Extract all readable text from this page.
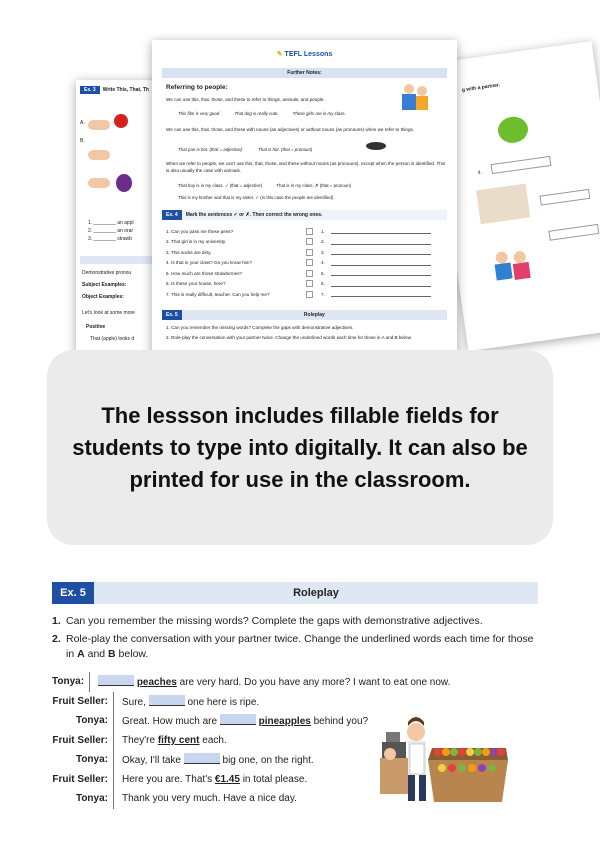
Ex. 3	Write This, That, Th
A.
B.
1. ________ an appl
2. ________ an orar
3. ________ strawb
Demonstrative pronou
Subject Examples:
Object Examples:
Let's look at some more
Positive
That (apple) looks d
g with a partner.
4.
✎ TEFL Lessons
Further Notes:
Referring to people:
We can use this, that, those, and these to refer to things, animals, and people.
This film is very good.	That dog is really cute.	Those girls are in my class.
We can use this, that, those, and these with nouns (as adjectives) or without nouns (as pronouns) when we refer to things.
That pan is hot. (that = adjective)	That is hot. (that = pronoun)
When we refer to people, we can't use this, that, those, and these without nouns (as pronouns), except when the person is identified. This is also usually the case with animals.
That boy is in my class. ✓ (that = adjective)	That is in my class. ✗ (that = pronoun)
This is my brother and that is my sister. ✓ (in this case the people are identified)
Ex. 4	Mark the sentences ✓ or ✗. Then correct the wrong ones.
1. Can you pass me these pens?	1.
2. That girl is in my university.	2.
3. This socks are dirty.	3.
4. Is that in your class? Do you know him?	4.
5. How much are those strawberries?	5.
6. Is these your house, here?	6.
7. This is really difficult, teacher. Can you help me?	7.
Ex. 5	Roleplay
1. Can you remember the missing words? Complete the gaps with demonstrative adjectives.
2. Role-play the conversation with your partner twice. Change the underlined words each time for those in A and B below.

The lessson includes fillable fields for students to type into digitally. It can also be printed for use in the classroom.

Ex. 5	Roleplay
1. Can you remember the missing words? Complete the gaps with demonstrative adjectives.
2. Role-play the conversation with your partner twice. Change the underlined words each time for those in A and B below.
Tonya:	peaches are very hard. Do you have any more? I want to eat one now.
Fruit Seller:	Sure,	one here is ripe.
Tonya:	Great. How much are	pineapples behind you?
Fruit Seller:	They're fifty cent each.
Tonya:	Okay, I'll take	big one, on the right.
Fruit Seller:	Here you are. That's €1.45 in total please.
Tonya:	Thank you very much. Have a nice day.
